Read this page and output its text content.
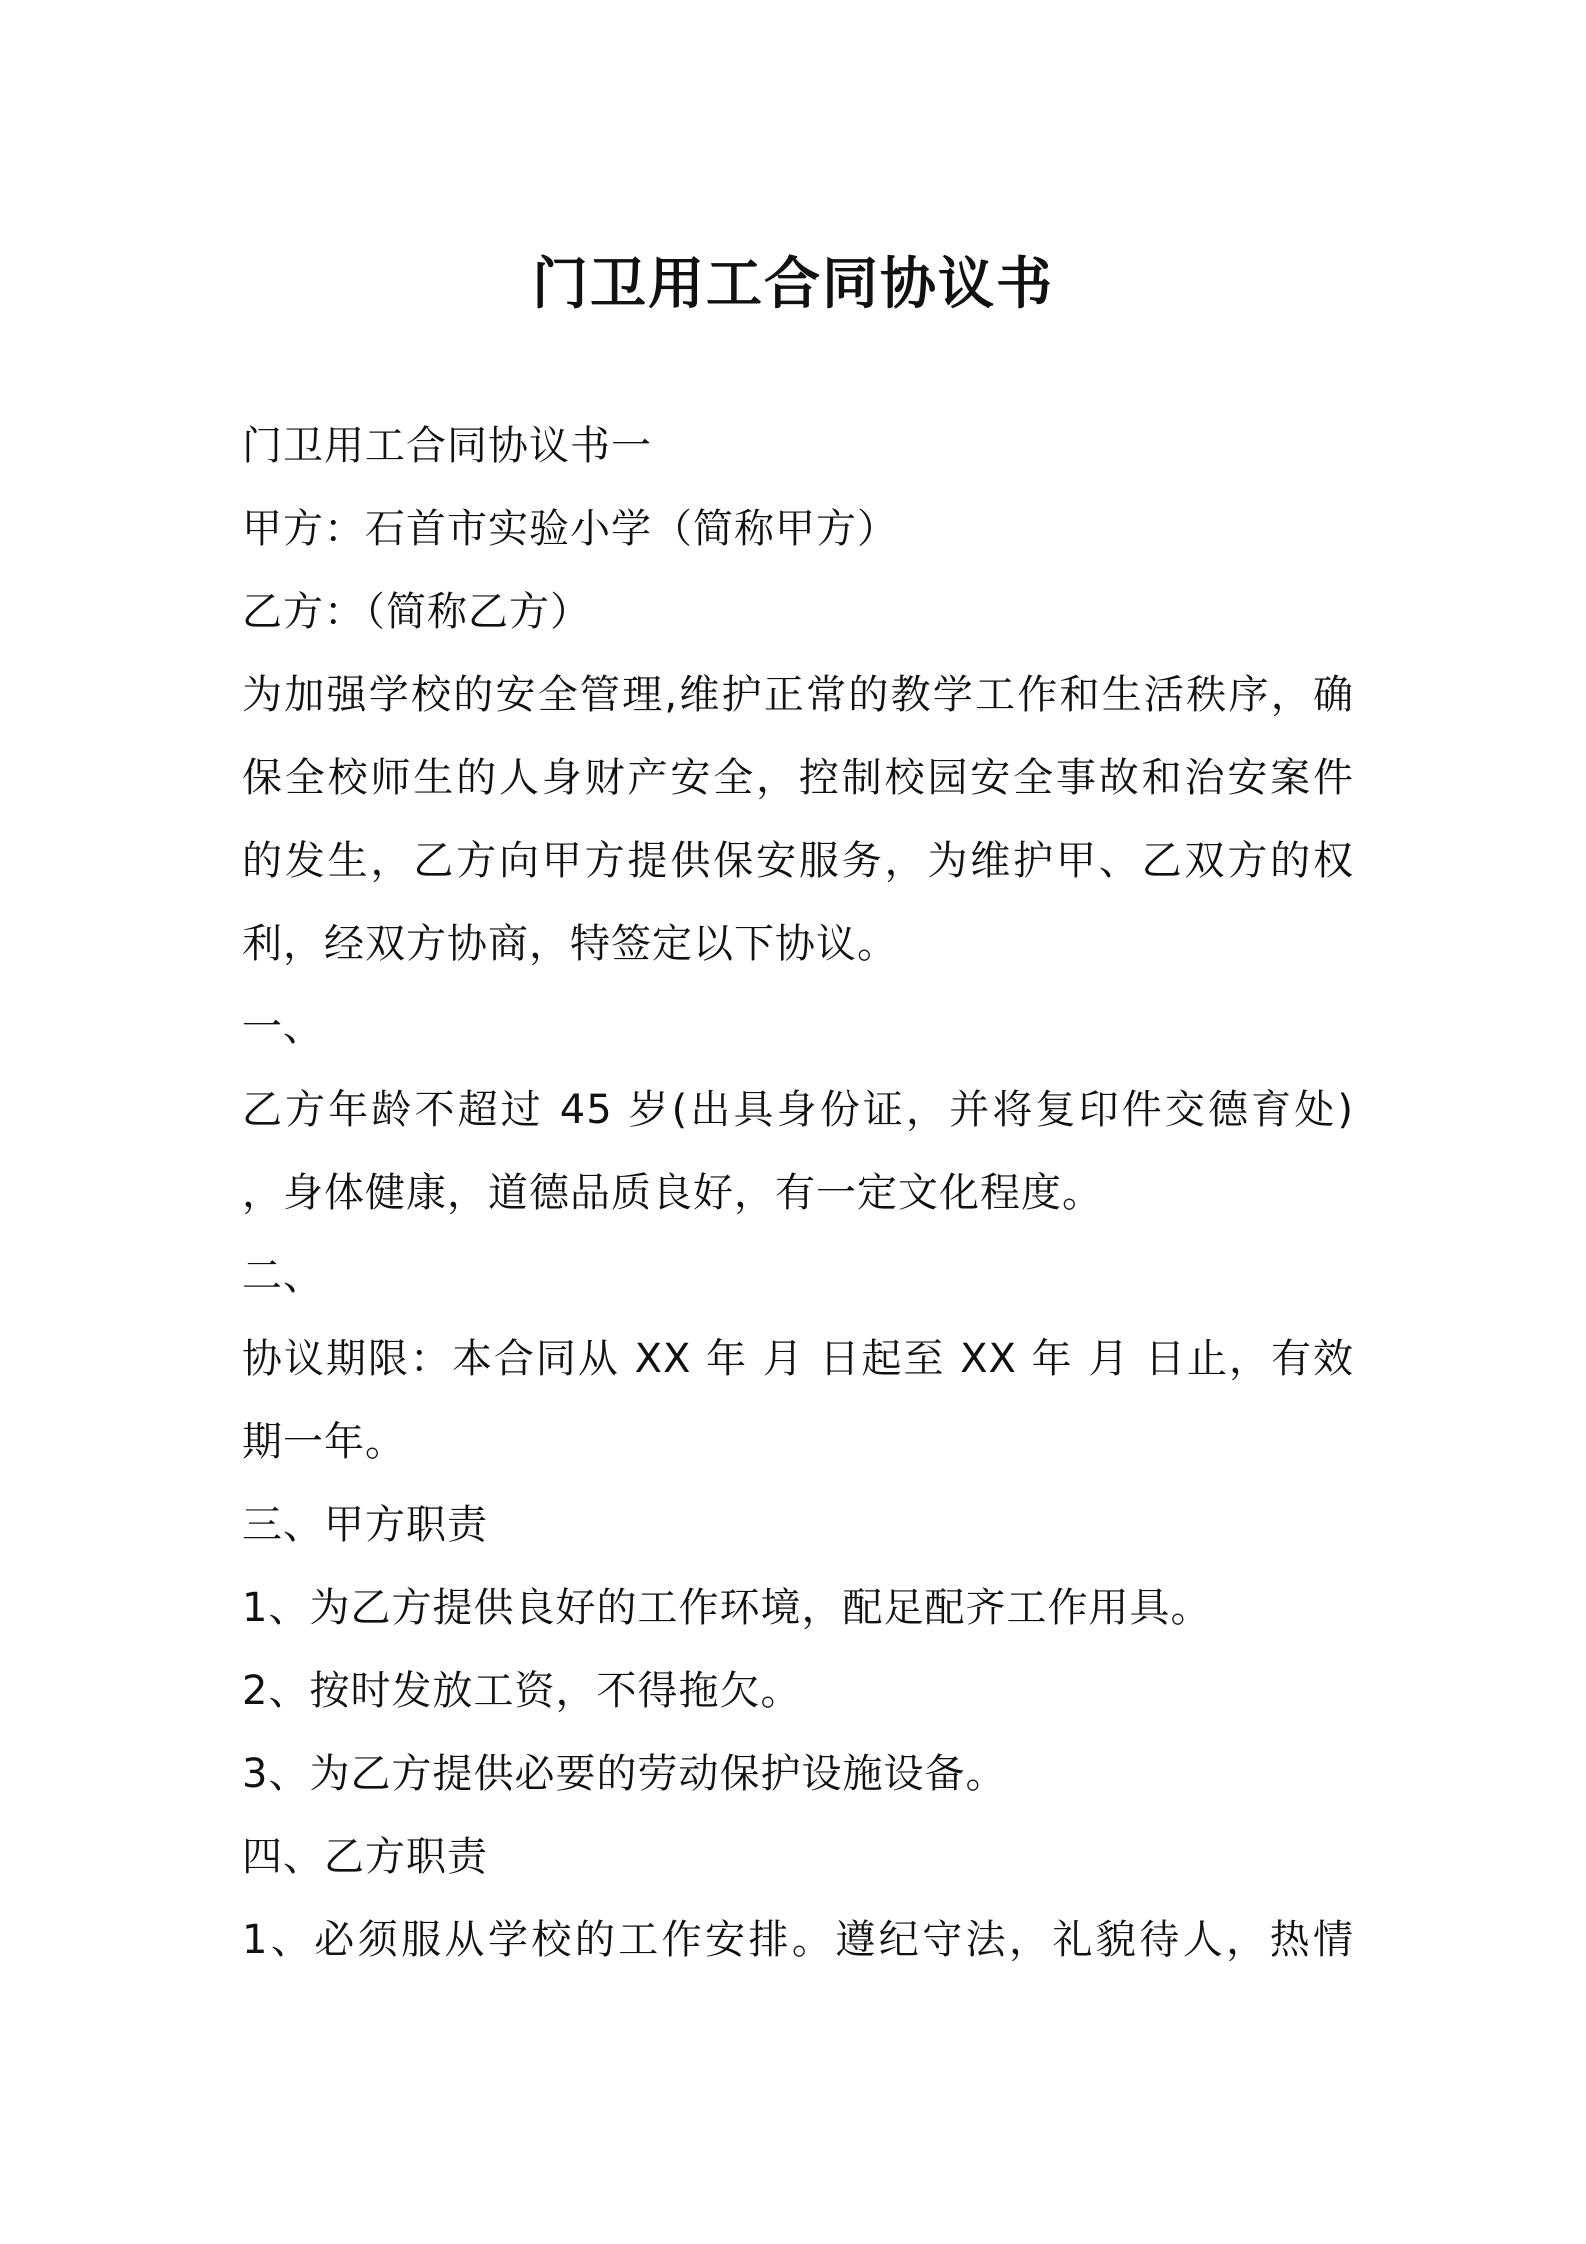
门卫用工合同协议书
门卫用工合同协议书一
甲方：石首市实验小学（简称甲方）
乙方：（简称乙方）
为加强学校的安全管理,维护正常的教学工作和生活秩序，确
保全校师生的人身财产安全，控制校园安全事故和治安案件
的发生，乙方向甲方提供保安服务，为维护甲、乙双方的权
利，经双方协商，特签定以下协议。
一、
乙方年龄不超过 45 岁(出具身份证，并将复印件交德育处)
，身体健康，道德品质良好，有一定文化程度。
二、
协议期限：本合同从 XX 年 月 日起至 XX 年 月 日止，有效
期一年。
三、甲方职责
1、为乙方提供良好的工作环境，配足配齐工作用具。
2、按时发放工资，不得拖欠。
3、为乙方提供必要的劳动保护设施设备。
四、乙方职责
1、必须服从学校的工作安排。遵纪守法，礼貌待人，热情
